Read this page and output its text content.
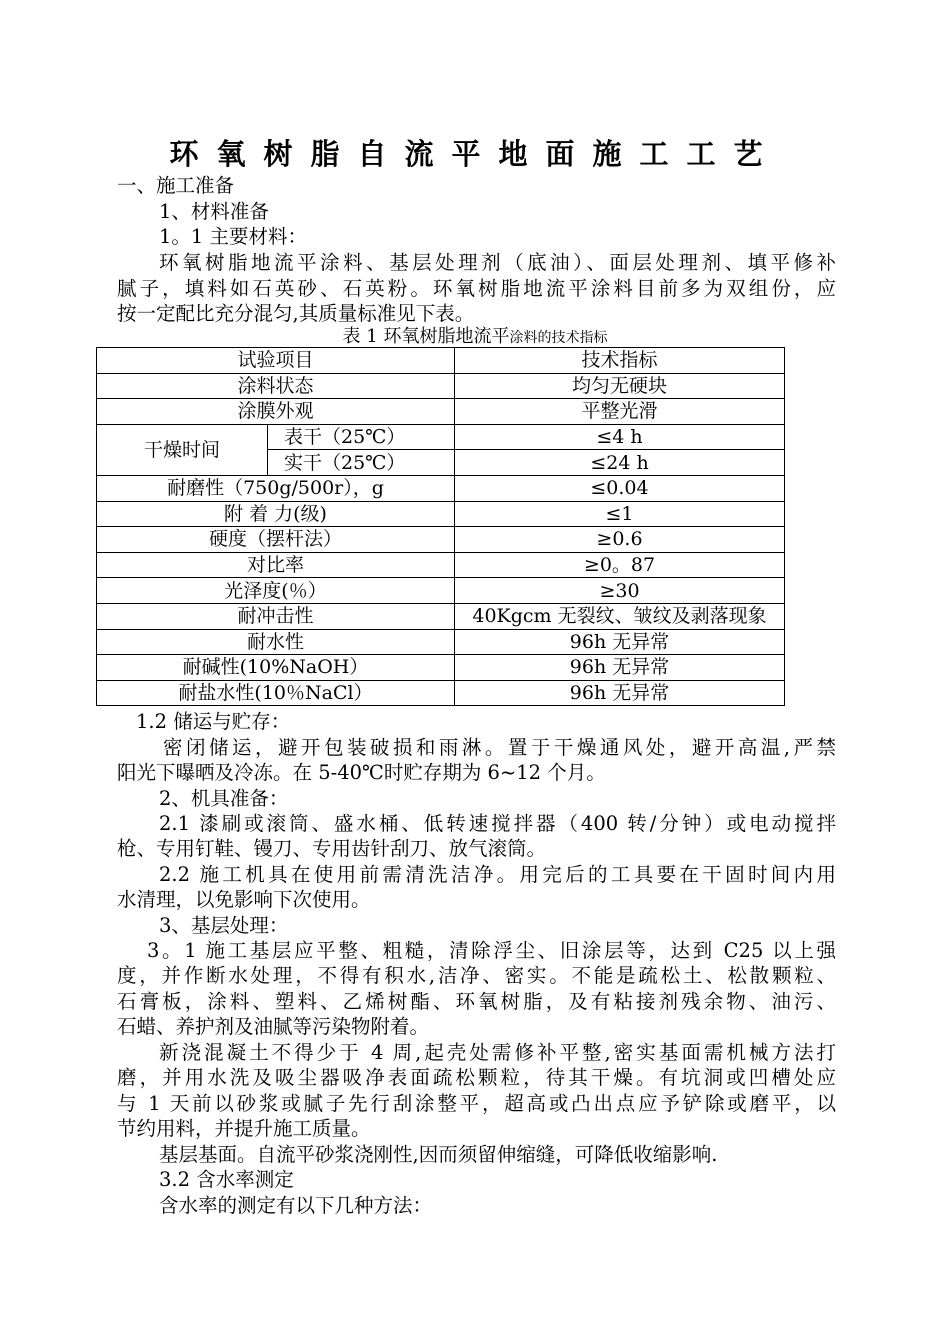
环氧树脂自流平地面施工工艺
一、施工准备
1、材料准备
1。1 主要材料：
环氧树脂地流平涂料、基层处理剂（底油）、面层处理剂、填平修补
腻子，填料如石英砂、石英粉。环氧树脂地流平涂料目前多为双组份，应
按一定配比充分混匀,其质量标准见下表。
表 1 环氧树脂地流平涂料的技术指标
试验项目		技术指标
涂料状态		均匀无硬块
涂膜外观		平整光滑
干燥时间	表干（25℃）	≤4 h
	实干（25℃）	≤24 h
耐磨性（750g/500r），g		≤0.04
附 着 力(级)		≤1
硬度（摆杆法）		≥0.6
对比率		≥0。87
光泽度(％）		≥30
耐冲击性		40Kgcm 无裂纹、皱纹及剥落现象
耐水性		96h 无异常
耐碱性(10%NaOH）		96h 无异常
耐盐水性(10％NaCl）		96h 无异常
1.2 储运与贮存：
密闭储运，避开包装破损和雨淋。置于干燥通风处，避开高温,严禁
阳光下曝晒及冷冻。在 5-40℃时贮存期为 6~12 个月。
2、机具准备：
2.1 漆刷或滚筒、盛水桶、低转速搅拌器（400 转/分钟）或电动搅拌
枪、专用钉鞋、镘刀、专用齿针刮刀、放气滚筒。
2.2 施工机具在使用前需清洗洁净。用完后的工具要在干固时间内用
水清理，以免影响下次使用。
3、基层处理：
3。1 施工基层应平整、粗糙，清除浮尘、旧涂层等，达到 C25 以上强
度，并作断水处理，不得有积水,洁净、密实。不能是疏松土、松散颗粒、
石膏板，涂料、塑料、乙烯树酯、环氧树脂，及有粘接剂残余物、油污、
石蜡、养护剂及油腻等污染物附着。
新浇混凝土不得少于 4 周,起壳处需修补平整,密实基面需机械方法打
磨，并用水洗及吸尘器吸净表面疏松颗粒，待其干燥。有坑洞或凹槽处应
与 1 天前以砂浆或腻子先行刮涂整平，超高或凸出点应予铲除或磨平，以
节约用料，并提升施工质量。
基层基面。自流平砂浆浇刚性,因而须留伸缩缝，可降低收缩影响.
3.2 含水率测定
含水率的测定有以下几种方法：
